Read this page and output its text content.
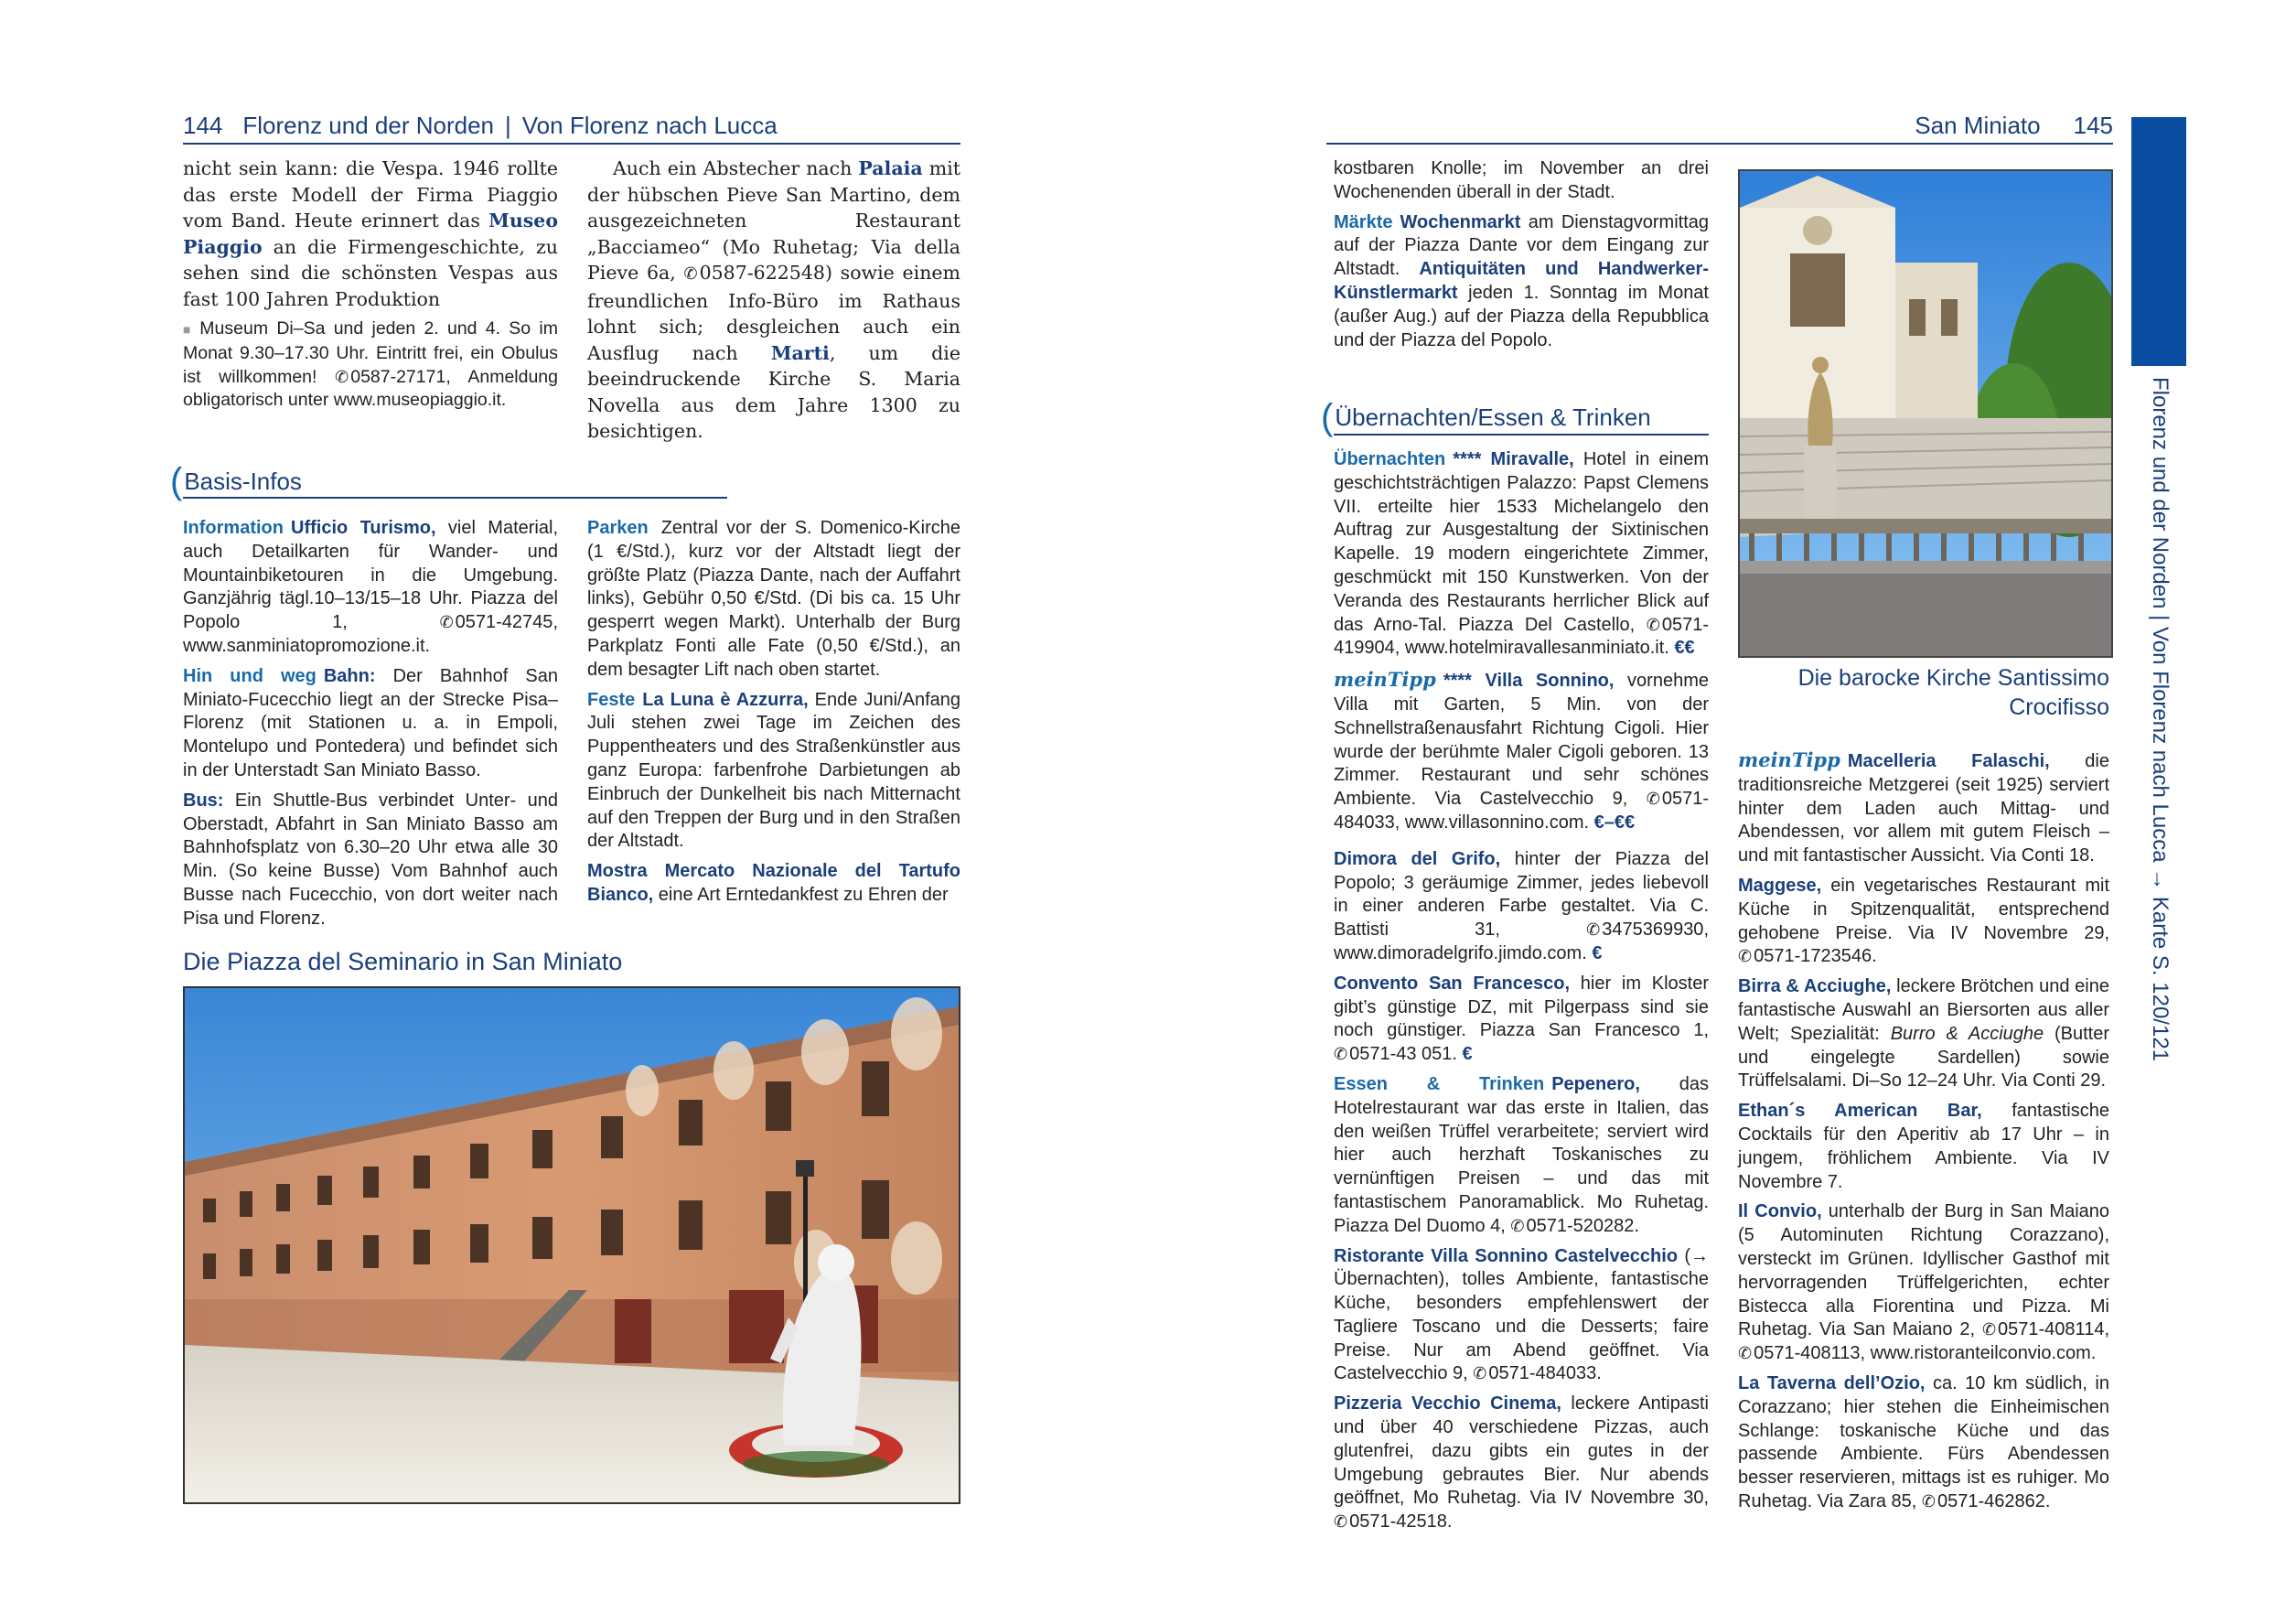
144 Florenz und der Norden | Von Florenz nach Lucca	San Miniato 145
Florenz und der Norden | Von Florenz nach Lucca → Karte S. 120/121

nicht sein kann: die Vespa. 1946 rollte das erste Modell der Firma Piaggio vom Band. Heute erinnert das Museo Piaggio an die Firmengeschichte, zu sehen sind die schönsten Vespas aus fast 100 Jahren Produktion

■ Museum Di–Sa und jeden 2. und 4. So im Monat 9.30–17.30 Uhr. Eintritt frei, ein Obulus ist willkommen! ✆ 0587-27171, Anmeldung obligatorisch unter www.museopiaggio.it.

Auch ein Abstecher nach Palaia mit der hübschen Pieve San Martino, dem ausgezeichneten Restaurant „Bacciameo“ (Mo Ruhetag; Via della Pieve 6a, ✆0587-622548) sowie einem freundlichen Info-Büro im Rathaus lohnt sich; desgleichen auch ein Ausflug nach Marti, um die beeindruckende Kirche S. Maria Novella aus dem Jahre 1300 zu besichtigen.

(Basis-Infos

Information Ufficio Turismo, viel Material, auch Detailkarten für Wander- und Mountainbiketouren in die Umgebung. Ganzjährig tägl.10–13/15–18 Uhr. Piazza del Popolo 1, ✆ 0571-42745, www.sanminiatopromozione.it.

Hin und weg Bahn: Der Bahnhof San Miniato-Fucecchio liegt an der Strecke Pisa–Florenz (mit Stationen u. a. in Empoli, Montelupo und Pontedera) und befindet sich in der Unterstadt San Miniato Basso.

Bus: Ein Shuttle-Bus verbindet Unter- und Oberstadt, Abfahrt in San Miniato Basso am Bahnhofsplatz von 6.30–20 Uhr etwa alle 30 Min. (So keine Busse) Vom Bahnhof auch Busse nach Fucecchio, von dort weiter nach Pisa und Florenz.

Parken Zentral vor der S. Domenico-Kirche (1 €/Std.), kurz vor der Altstadt liegt der größte Platz (Piazza Dante, nach der Auffahrt links), Gebühr 0,50 €/Std. (Di bis ca. 15 Uhr gesperrt wegen Markt). Unterhalb der Burg Parkplatz Fonti alle Fate (0,50 €/Std.), an dem besagter Lift nach oben startet.

Feste La Luna è Azzurra, Ende Juni/Anfang Juli stehen zwei Tage im Zeichen des Puppentheaters und des Straßenkünstler aus ganz Europa: farbenfrohe Darbietungen ab Einbruch der Dunkelheit bis nach Mitternacht auf den Treppen der Burg und in den Straßen der Altstadt.

Mostra Mercato Nazionale del Tartufo Bianco, eine Art Erntedankfest zu Ehren der

Die Piazza del Seminario in San Miniato

kostbaren Knolle; im November an drei Wochenenden überall in der Stadt.

Märkte Wochenmarkt am Dienstagvormittag auf der Piazza Dante vor dem Eingang zur Altstadt. Antiquitäten und Handwerker-Künstlermarkt jeden 1. Sonntag im Monat (außer Aug.) auf der Piazza della Repubblica und der Piazza del Popolo.

(Übernachten/Essen & Trinken

Übernachten **** Miravalle, Hotel in einem geschichtsträchtigen Palazzo: Papst Clemens VII. erteilte hier 1533 Michelangelo den Auftrag zur Ausgestaltung der Sixtinischen Kapelle. 19 modern eingerichtete Zimmer, geschmückt mit 150 Kunstwerken. Von der Veranda des Restaurants herrlicher Blick auf das Arno-Tal. Piazza Del Castello, ✆ 0571-419904, www.hotelmiravallesanminiato.it. €€

meinTipp **** Villa Sonnino, vornehme Villa mit Garten, 5 Min. von der Schnellstraßenausfahrt Richtung Cigoli. Hier wurde der berühmte Maler Cigoli geboren. 13 Zimmer. Restaurant und sehr schönes Ambiente. Via Castelvecchio 9, ✆ 0571-484033, www.villasonnino.com. €–€€

Dimora del Grifo, hinter der Piazza del Popolo; 3 geräumige Zimmer, jedes liebevoll in einer anderen Farbe gestaltet. Via C. Battisti 31, ✆ 3475369930, www.dimoradelgrifo.jimdo.com. €

Convento San Francesco, hier im Kloster gibt’s günstige DZ, mit Pilgerpass sind sie noch günstiger. Piazza San Francesco 1, ✆ 0571-43 051. €

Essen & Trinken Pepenero, das Hotelrestaurant war das erste in Italien, das den weißen Trüffel verarbeitete; serviert wird hier auch herzhaft Toskanisches zu vernünftigen Preisen – und das mit fantastischem Panoramablick. Mo Ruhetag. Piazza Del Duomo 4, ✆ 0571-520282.

Ristorante Villa Sonnino Castelvecchio (→ Übernachten), tolles Ambiente, fantastische Küche, besonders empfehlenswert der Tagliere Toscano und die Desserts; faire Preise. Nur am Abend geöffnet. Via Castelvecchio 9, ✆ 0571-484033.

Pizzeria Vecchio Cinema, leckere Antipasti und über 40 verschiedene Pizzas, auch glutenfrei, dazu gibts ein gutes in der Umgebung gebrautes Bier. Nur abends geöffnet, Mo Ruhetag. Via IV Novembre 30, ✆ 0571-42518.

Die barocke Kirche Santissimo Crocifisso

meinTipp Macelleria Falaschi, die traditionsreiche Metzgerei (seit 1925) serviert hinter dem Laden auch Mittag- und Abendessen, vor allem mit gutem Fleisch – und mit fantastischer Aussicht. Via Conti 18.

Maggese, ein vegetarisches Restaurant mit Küche in Spitzenqualität, entsprechend gehobene Preise. Via IV Novembre 29, ✆ 0571-1723546.

Birra & Acciughe, leckere Brötchen und eine fantastische Auswahl an Biersorten aus aller Welt; Spezialität: Burro & Acciughe (Butter und eingelegte Sardellen) sowie Trüffelsalami. Di–So 12–24 Uhr. Via Conti 29.

Ethan´s American Bar, fantastische Cocktails für den Aperitiv ab 17 Uhr – in jungem, fröhlichem Ambiente. Via IV Novembre 7.

Il Convio, unterhalb der Burg in San Maiano (5 Autominuten Richtung Corazzano), versteckt im Grünen. Idyllischer Gasthof mit hervorragenden Trüffelgerichten, echter Bistecca alla Fiorentina und Pizza. Mi Ruhetag. Via San Maiano 2, ✆ 0571-408114, ✆ 0571-408113, www.ristoranteilconvio.com.

La Taverna dell’Ozio, ca. 10 km südlich, in Corazzano; hier stehen die Einheimischen Schlange: toskanische Küche und das passende Ambiente. Fürs Abendessen besser reservieren, mittags ist es ruhiger. Mo Ruhetag. Via Zara 85, ✆ 0571-462862.
